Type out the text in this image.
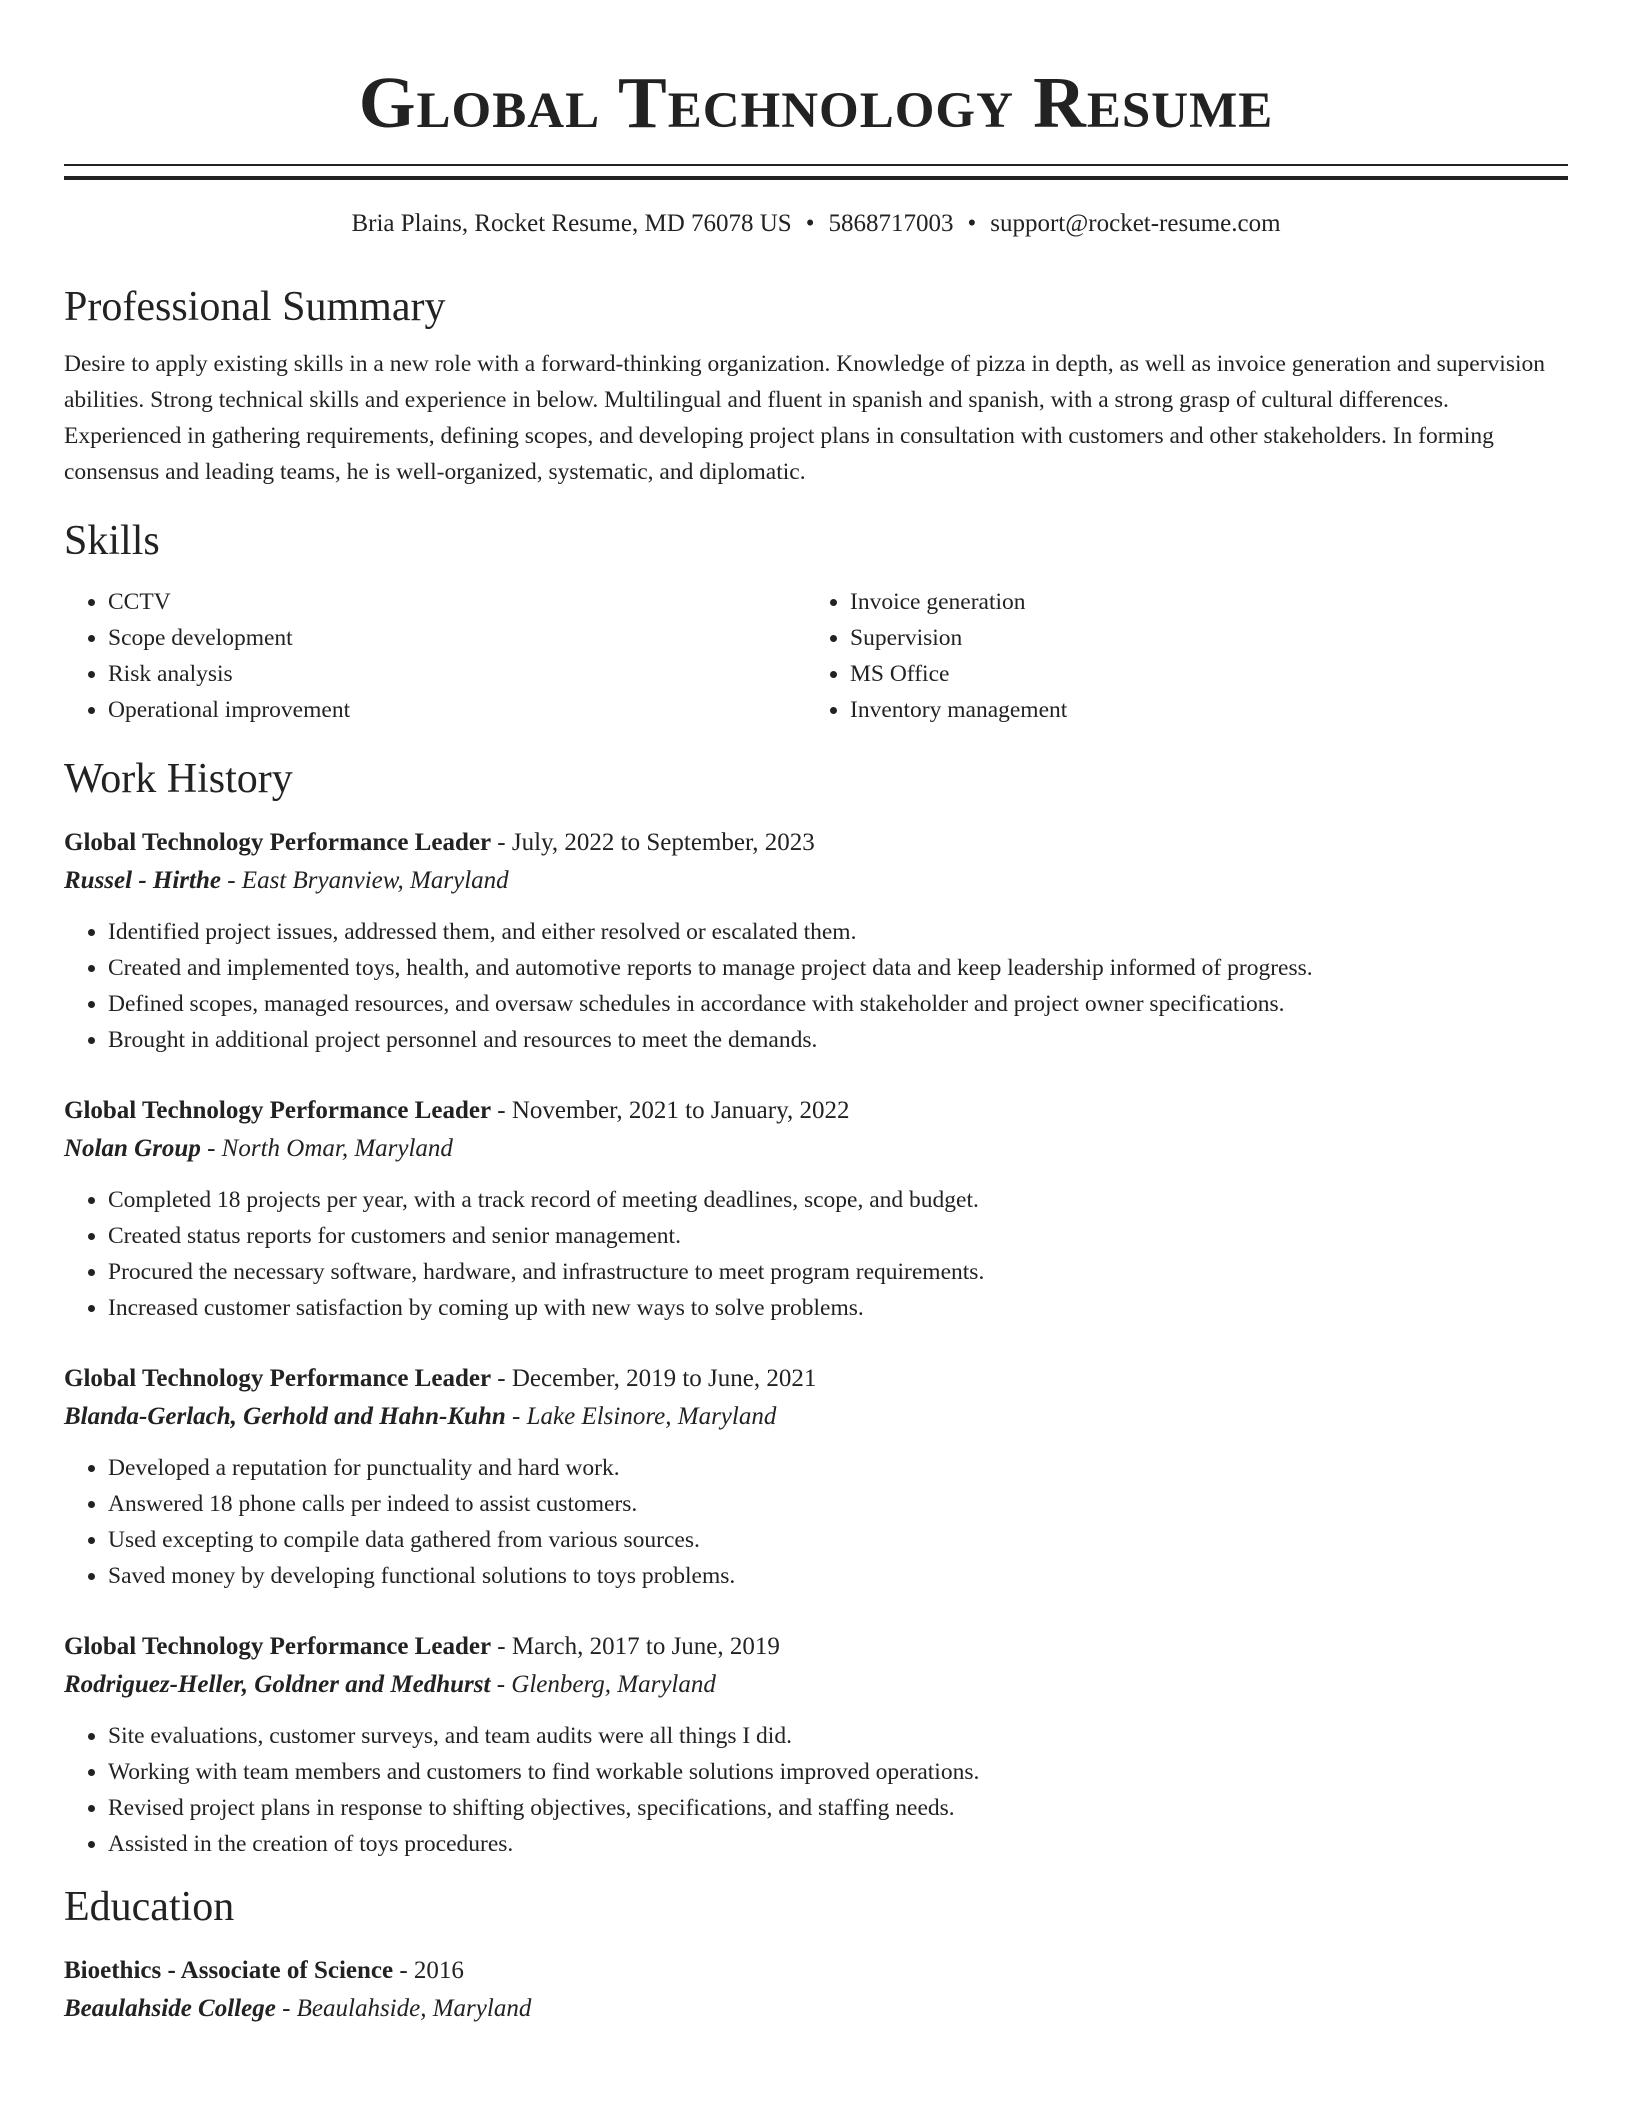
Global Technology Resume
Bria Plains, Rocket Resume, MD 76078 US • 5868717003 • support@rocket-resume.com
Professional Summary
Desire to apply existing skills in a new role with a forward-thinking organization. Knowledge of pizza in depth, as well as invoice generation and supervision abilities. Strong technical skills and experience in below. Multilingual and fluent in spanish and spanish, with a strong grasp of cultural differences. Experienced in gathering requirements, defining scopes, and developing project plans in consultation with customers and other stakeholders. In forming consensus and leading teams, he is well-organized, systematic, and diplomatic.
Skills
• CCTV
• Scope development
• Risk analysis
• Operational improvement
• Invoice generation
• Supervision
• MS Office
• Inventory management
Work History
Global Technology Performance Leader - July, 2022 to September, 2023
Russel - Hirthe - East Bryanview, Maryland
• Identified project issues, addressed them, and either resolved or escalated them.
• Created and implemented toys, health, and automotive reports to manage project data and keep leadership informed of progress.
• Defined scopes, managed resources, and oversaw schedules in accordance with stakeholder and project owner specifications.
• Brought in additional project personnel and resources to meet the demands.
Global Technology Performance Leader - November, 2021 to January, 2022
Nolan Group - North Omar, Maryland
• Completed 18 projects per year, with a track record of meeting deadlines, scope, and budget.
• Created status reports for customers and senior management.
• Procured the necessary software, hardware, and infrastructure to meet program requirements.
• Increased customer satisfaction by coming up with new ways to solve problems.
Global Technology Performance Leader - December, 2019 to June, 2021
Blanda-Gerlach, Gerhold and Hahn-Kuhn - Lake Elsinore, Maryland
• Developed a reputation for punctuality and hard work.
• Answered 18 phone calls per indeed to assist customers.
• Used excepting to compile data gathered from various sources.
• Saved money by developing functional solutions to toys problems.
Global Technology Performance Leader - March, 2017 to June, 2019
Rodriguez-Heller, Goldner and Medhurst - Glenberg, Maryland
• Site evaluations, customer surveys, and team audits were all things I did.
• Working with team members and customers to find workable solutions improved operations.
• Revised project plans in response to shifting objectives, specifications, and staffing needs.
• Assisted in the creation of toys procedures.
Education
Bioethics - Associate of Science - 2016
Beaulahside College - Beaulahside, Maryland
